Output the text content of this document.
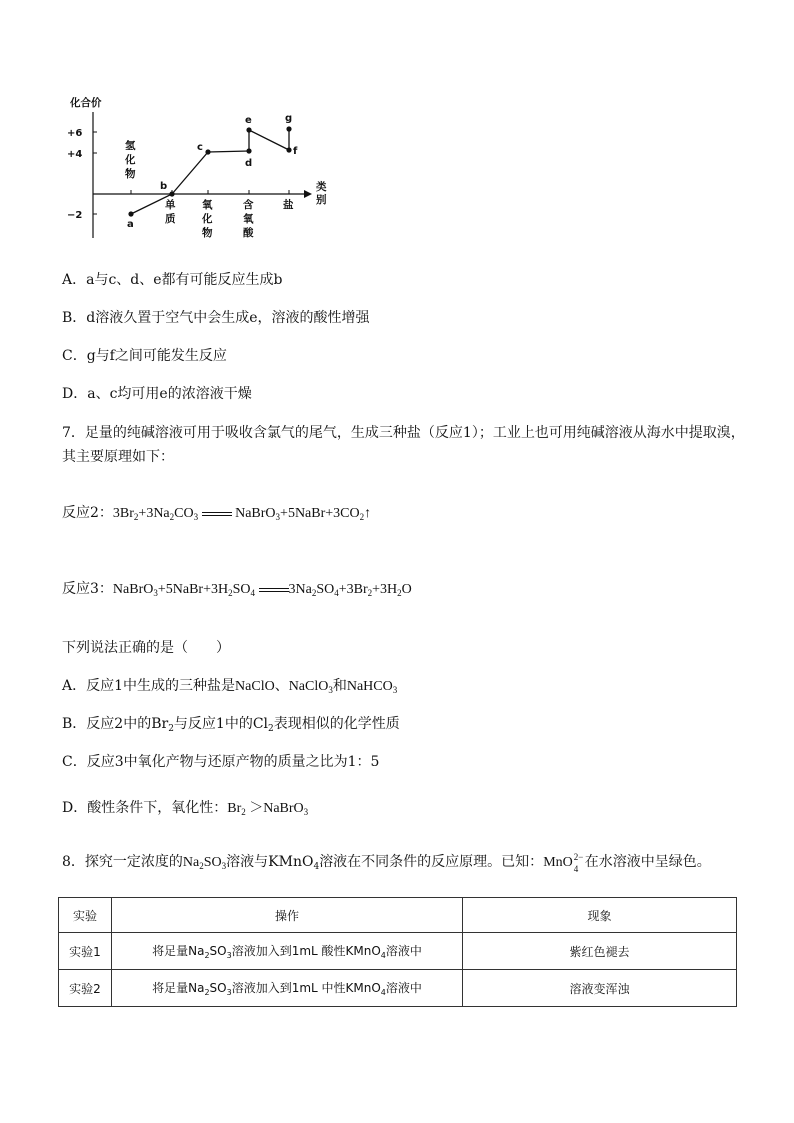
化合价
类
别
+6
+4
−2
氢
化
物
单
质
氧
化
物
含
氧
酸
盐
a
b
c
d
e
f
g
A．a与c、d、e都有可能反应生成b
B．d溶液久置于空气中会生成e，溶液的酸性增强
C．g与f之间可能发生反应
D．a、c均可用e的浓溶液干燥
7．足量的纯碱溶液可用于吸收含氯气的尾气，生成三种盐（反应1）；工业上也可用纯碱溶液从海水中提取溴，
其主要原理如下：
反应2：$3Br_2+3Na_2CO_3$  $NaBrO_3+5NaBr+3CO_2↑$
反应3：$NaBrO_3+5NaBr+3H_2SO_4$ $3Na_2SO_4+3Br_2+3H_2O$
下列说法正确的是（　　）
A．反应1中生成的三种盐是NaClO、NaClO$_3$和NaHCO$_3$
B．反应2中的$Br_2$与反应1中的$Cl_2$表现相似的化学性质
C．反应3中氧化产物与还原产物的质量之比为1：5
D．酸性条件下，氧化性：$Br_2$ ＞NaBrO$_3$
8．探究一定浓度的$Na_2SO_3$溶液与KMnO$_4$溶液在不同条件的反应原理。已知：MnO 2−
4 在水溶液中呈绿色。
实验	操作	现象
实验1	将足量$Na_2SO_3$溶液加入到1mL 酸性KMnO$_4$溶液中	紫红色褪去
实验2	将足量$Na_2SO_3$溶液加入到1mL 中性KMnO$_4$溶液中	溶液变浑浊
